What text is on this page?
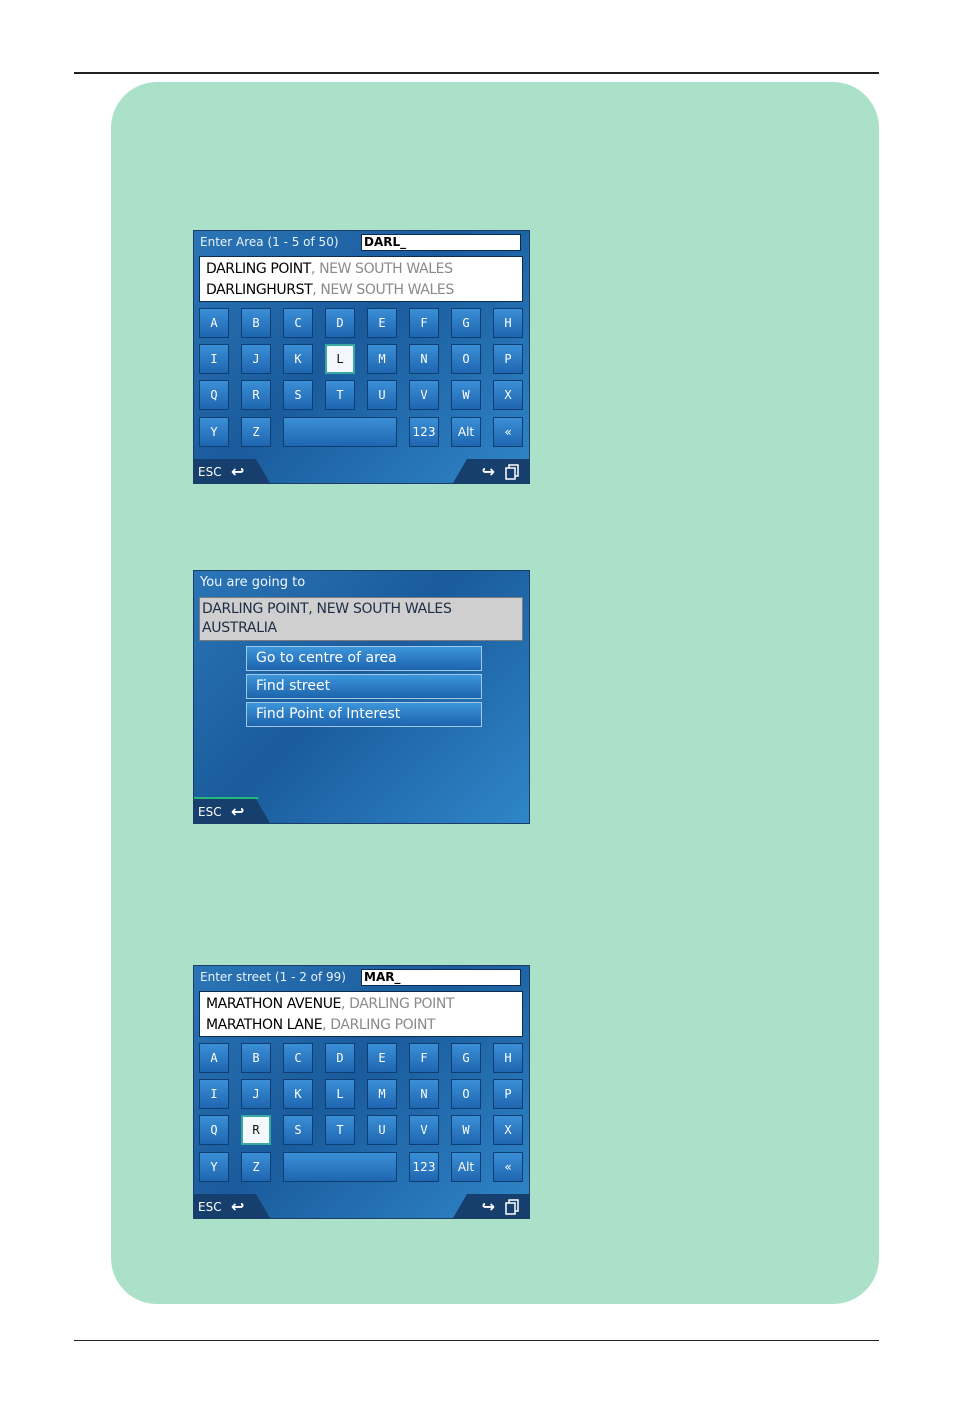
Enter Area (1 - 5 of 50) DARL_
DARLING POINT, NEW SOUTH WALES
DARLINGHURST, NEW SOUTH WALES
ESC ↩	↪
A	B	C	D	E	F	G	H
I	J	K	L	M	N	O	P
Q	R	S	T	U	V	W	X
Y	Z	123	Alt	«
You are going to
DARLING POINT, NEW SOUTH WALES
AUSTRALIA
Go to centre of area
Find street
Find Point of Interest
ESC ↩
Enter street (1 - 2 of 99) MAR_
MARATHON AVENUE, DARLING POINT
MARATHON LANE, DARLING POINT
ESC ↩	↪
A	B	C	D	E	F	G	H
I	J	K	L	M	N	O	P
Q	R	S	T	U	V	W	X
Y	Z	123	Alt	«
